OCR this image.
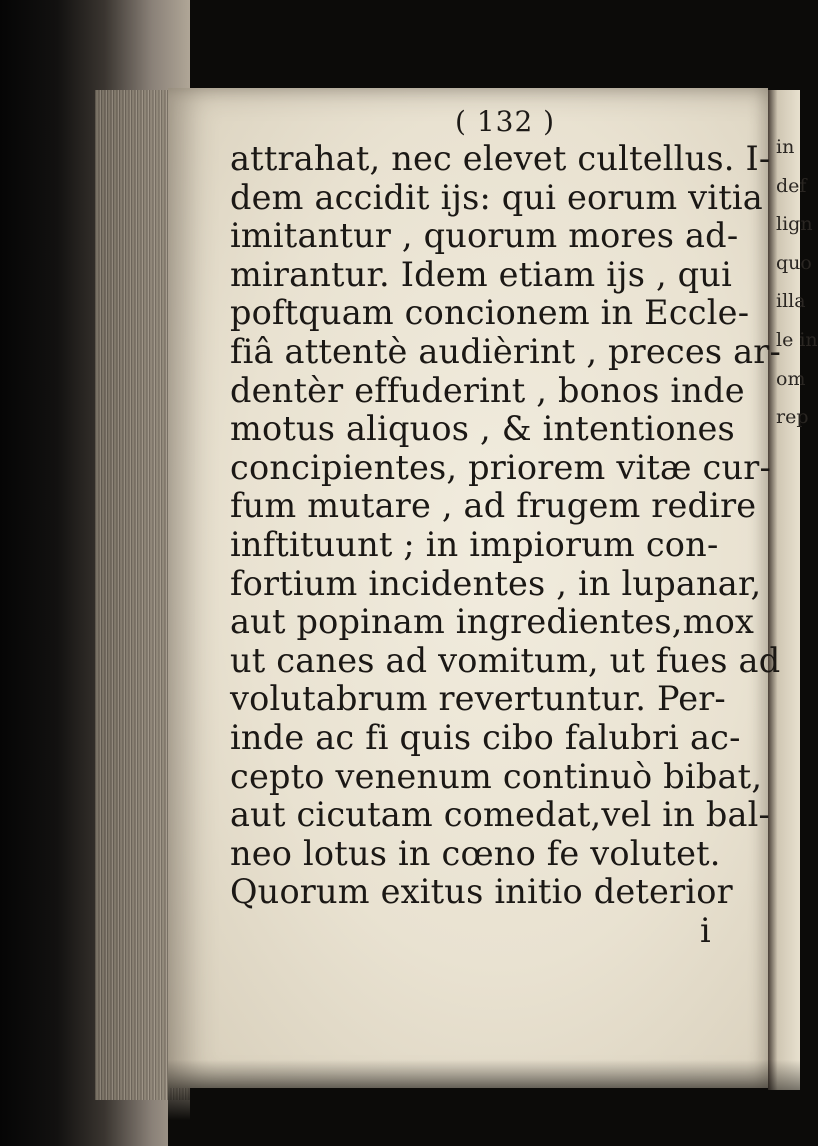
in
def
lign
quo
illa
le in
om
rep
( 132 )
attrahat, nec elevet cultellus. I-
dem accidit ijs: qui eorum vitia
imitantur , quorum mores ad-
mirantur. Idem etiam ijs , qui
poftquam concionem in Eccle-
fiâ attentè audièrint , preces ar-
dentèr effuderint , bonos inde
motus aliquos , & intentiones
concipientes, priorem vitæ cur-
fum mutare , ad frugem redire
inftituunt ; in impiorum con-
fortium incidentes , in lupanar,
aut popinam ingredientes,mox
ut canes ad vomitum, ut fues ad
volutabrum revertuntur. Per-
inde ac fi quis cibo falubri ac-
cepto venenum continuò bibat,
aut cicutam comedat,vel in bal-
neo lotus in cœno fe volutet.
Quorum exitus initio deterior
i
